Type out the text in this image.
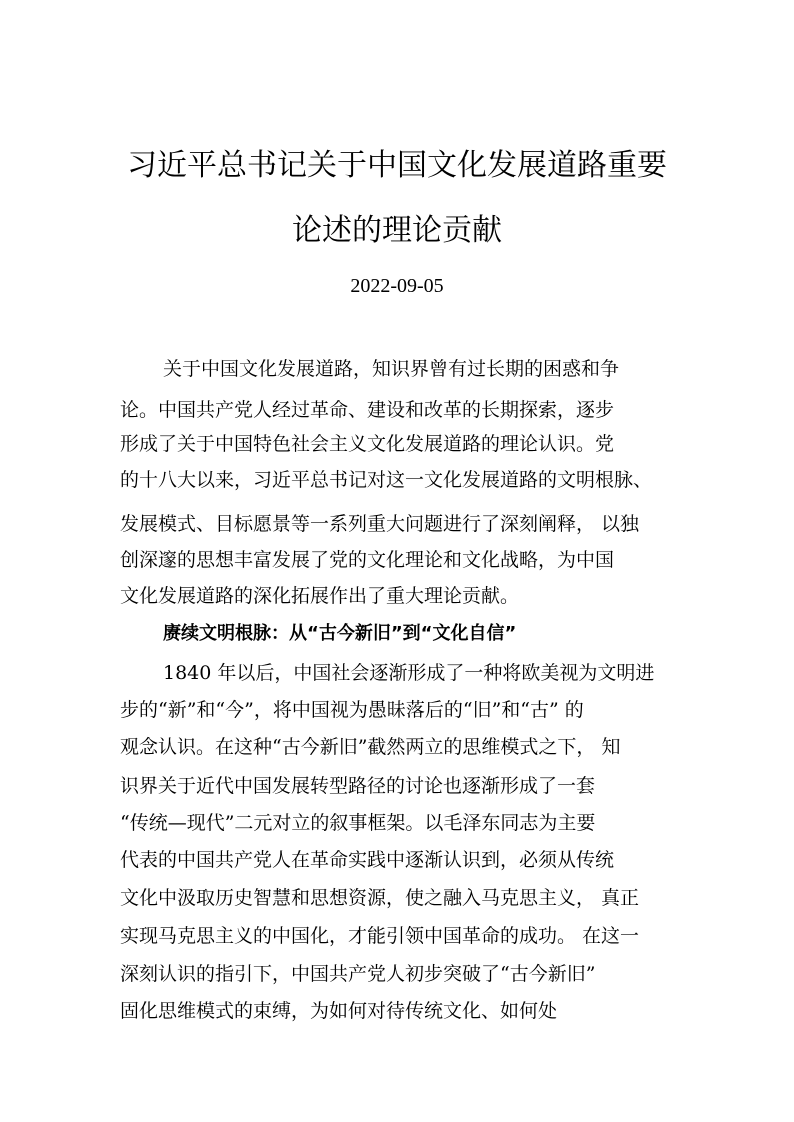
习近平总书记关于中国文化发展道路重要
论述的理论贡献
2022-09-05
关于中国文化发展道路，知识界曾有过长期的困惑和争
论。中国共产党人经过革命、建设和改革的长期探索，逐步
形成了关于中国特色社会主义文化发展道路的理论认识。党
的十八大以来，习近平总书记对这一文化发展道路的文明根脉、
发展模式、目标愿景等一系列重大问题进行了深刻阐释， 以独
创深邃的思想丰富发展了党的文化理论和文化战略，为中国
文化发展道路的深化拓展作出了重大理论贡献。
赓续文明根脉：从“古今新旧”到“文化自信”
1840 年以后，中国社会逐渐形成了一种将欧美视为文明进
步的“新”和“今”，将中国视为愚昧落后的“旧”和“古” 的
观念认识。在这种“古今新旧”截然两立的思维模式之下， 知
识界关于近代中国发展转型路径的讨论也逐渐形成了一套
“传统—现代”二元对立的叙事框架。以毛泽东同志为主要
代表的中国共产党人在革命实践中逐渐认识到，必须从传统
文化中汲取历史智慧和思想资源，使之融入马克思主义， 真正
实现马克思主义的中国化，才能引领中国革命的成功。 在这一
深刻认识的指引下，中国共产党人初步突破了“古今新旧”
固化思维模式的束缚，为如何对待传统文化、如何处
